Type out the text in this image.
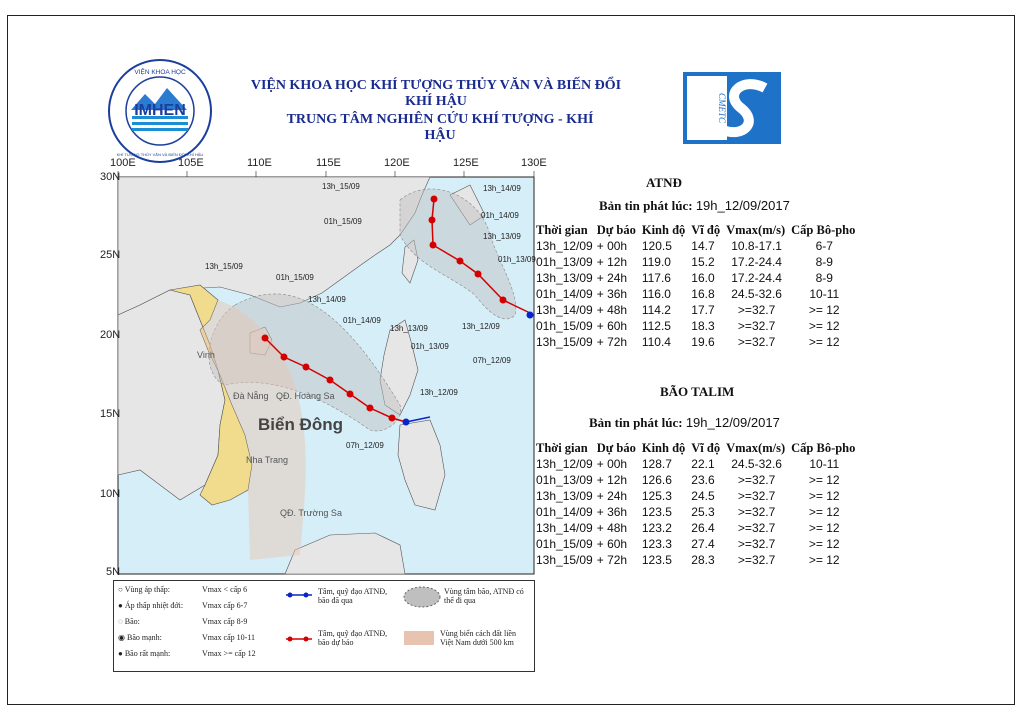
IMHEN
VIỆN KHOA HỌC
KHÍ TƯỢNG THỦY VĂN VÀ BIẾN ĐỔI KHÍ HẬU
VIỆN KHOA HỌC KHÍ TƯỢNG THỦY VĂN VÀ BIẾN ĐỔI KHÍ HẬU
TRUNG TÂM NGHIÊN CỨU KHÍ TƯỢNG - KHÍ HẬU
CMETC
100E	105E	110E	115E	120E	125E	130E
30N
25N
20N
15N
10N
5N
Vinh
Đà Nẵng QĐ. Hoàng Sa
Biển Đông
Nha Trang
QĐ. Trường Sa
13h_15/09
01h_15/09
13h_14/09
01h_14/09
13h_13/09
01h_13/09
13h_12/09
07h_12/09
13h_15/09
01h_15/09
13h_14/09
01h_14/09
13h_13/09
01h_13/09
13h_12/09
07h_12/09
○ Vùng áp thấp:	Vmax < cấp 6
● Áp thấp nhiệt đới: Vmax cấp 6-7
◌ Bão:	Vmax cấp 8-9
◉ Bão mạnh:	Vmax cấp 10-11
● Bão rất mạnh:	Vmax >= cấp 12
Tâm, quỹ đạo ATNĐ, bão đã qua
Tâm, quỹ đạo ATNĐ, bão dự báo
Vùng tâm bão, ATNĐ có thể đi qua
Vùng biển cách đất liền Việt Nam dưới 500 km
ATNĐ
Bản tin phát lúc: 19h_12/09/2017
Thời gian	Dự báo	Kinh độ	Vĩ độ	Vmax(m/s)	Cấp Bô-pho
13h_12/09	+ 00h	120.5	14.7	10.8-17.1	6-7
01h_13/09	+ 12h	119.0	15.2	17.2-24.4	8-9
13h_13/09	+ 24h	117.6	16.0	17.2-24.4	8-9
01h_14/09	+ 36h	116.0	16.8	24.5-32.6	10-11
13h_14/09	+ 48h	114.2	17.7	>=32.7	>= 12
01h_15/09	+ 60h	112.5	18.3	>=32.7	>= 12
13h_15/09	+ 72h	110.4	19.6	>=32.7	>= 12
BÃO TALIM
Bản tin phát lúc: 19h_12/09/2017
Thời gian	Dự báo	Kinh độ	Vĩ độ	Vmax(m/s)	Cấp Bô-pho
13h_12/09	+ 00h	128.7	22.1	24.5-32.6	10-11
01h_13/09	+ 12h	126.6	23.6	>=32.7	>= 12
13h_13/09	+ 24h	125.3	24.5	>=32.7	>= 12
01h_14/09	+ 36h	123.5	25.3	>=32.7	>= 12
13h_14/09	+ 48h	123.2	26.4	>=32.7	>= 12
01h_15/09	+ 60h	123.3	27.4	>=32.7	>= 12
13h_15/09	+ 72h	123.5	28.3	>=32.7	>= 12
